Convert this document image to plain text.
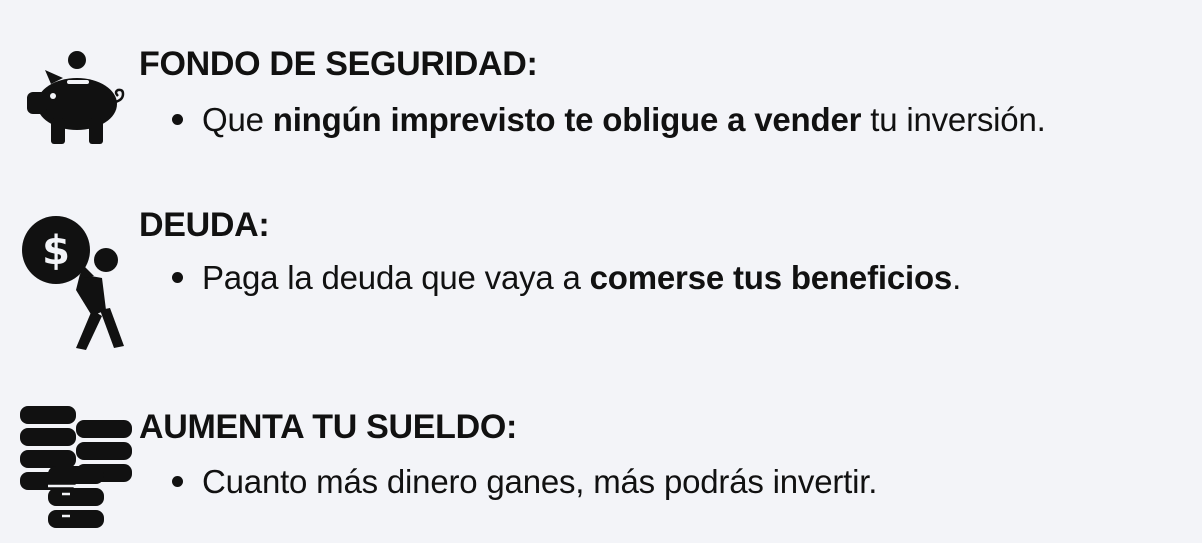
FONDO DE SEGURIDAD:

Que ningún imprevisto te obligue a vender tu inversión.

$
DEUDA:

Paga la deuda que vaya a comerse tus beneficios.

AUMENTA TU SUELDO:

Cuanto más dinero ganes, más podrás invertir.
